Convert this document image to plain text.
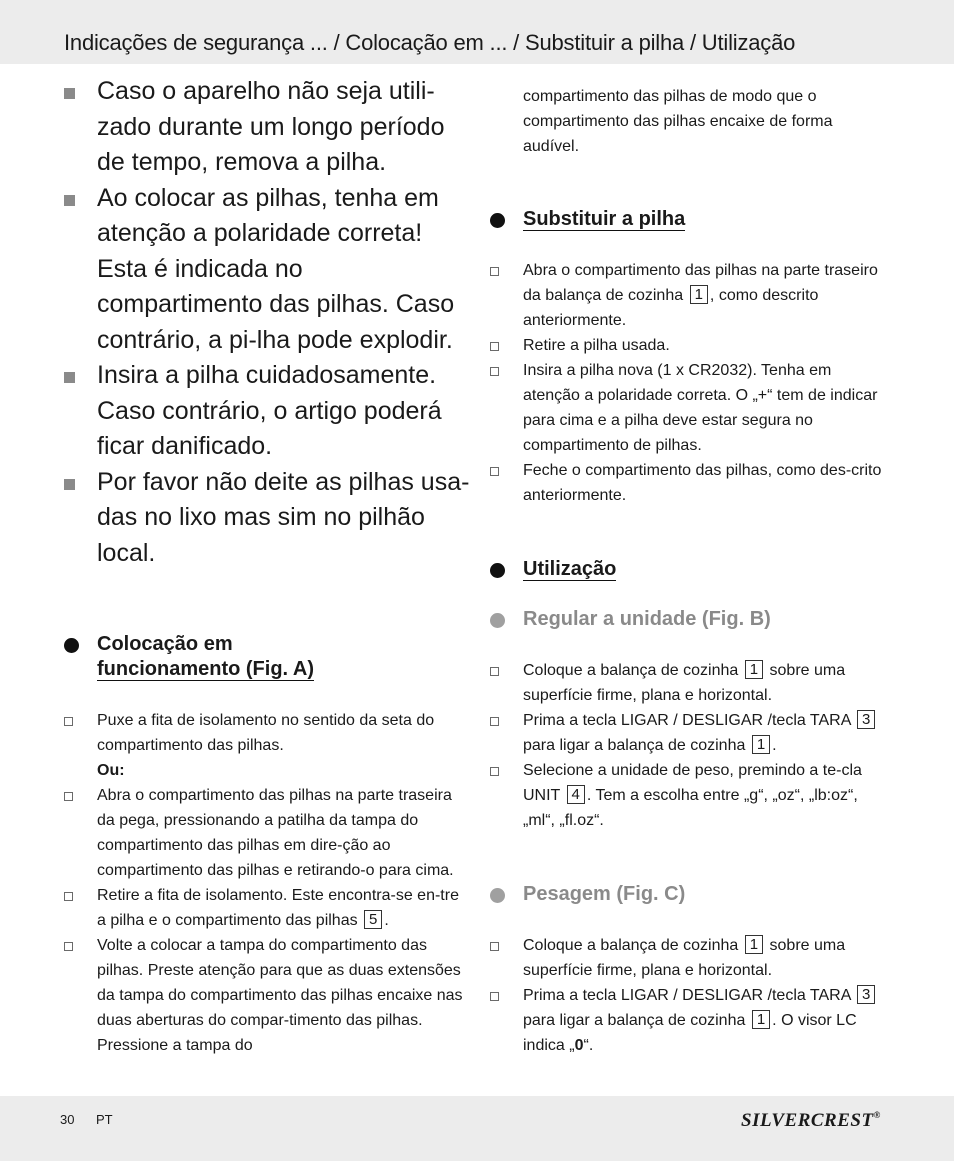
Indicações de segurança ... / Colocação em ... / Substituir a pilha / Utilização
Caso o aparelho não seja utili-zado durante um longo período de tempo, remova a pilha.
Ao colocar as pilhas, tenha em atenção a polaridade correta! Esta é indicada no compartimento das pilhas. Caso contrário, a pi-lha pode explodir.
Insira a pilha cuidadosamente. Caso contrário, o artigo poderá ficar danificado.
Por favor não deite as pilhas usa-das no lixo mas sim no pilhão local.
Colocação em
funcionamento (Fig. A)
Puxe a fita de isolamento no sentido da seta do compartimento das pilhas.
Ou:
Abra o compartimento das pilhas na parte traseira da pega, pressionando a patilha da tampa do compartimento das pilhas em dire-ção ao compartimento das pilhas e retirando-o para cima.
Retire a fita de isolamento. Este encontra-se en-tre a pilha e o compartimento das pilhas 5 .
Volte a colocar a tampa do compartimento das pilhas. Preste atenção para que as duas extensões da tampa do compartimento das pilhas encaixe nas duas aberturas do compar-timento das pilhas. Pressione a tampa do
compartimento das pilhas de modo que o compartimento das pilhas encaixe de forma audível.
Substituir a pilha
Abra o compartimento das pilhas na parte traseiro da balança de cozinha 1 , como descrito anteriormente.
Retire a pilha usada.
Insira a pilha nova (1 x CR2032). Tenha em atenção a polaridade correta. O „+“ tem de indicar para cima e a pilha deve estar segura no compartimento de pilhas.
Feche o compartimento das pilhas, como des-crito anteriormente.
Utilização
Regular a unidade (Fig. B)
Coloque a balança de cozinha 1 sobre uma superfície firme, plana e horizontal.
Prima a tecla LIGAR / DESLIGAR /tecla TARA 3 para ligar a balança de cozinha 1 .
Selecione a unidade de peso, premindo a te-cla UNIT 4 . Tem a escolha entre „g“, „oz“, „lb:oz“, „ml“, „fl.oz“.
Pesagem (Fig. C)
Coloque a balança de cozinha 1 sobre uma superfície firme, plana e horizontal.
Prima a tecla LIGAR / DESLIGAR /tecla TARA 3 para ligar a balança de cozinha 1 . O visor LC indica „0“.
30 PT	SILVERCREST®
